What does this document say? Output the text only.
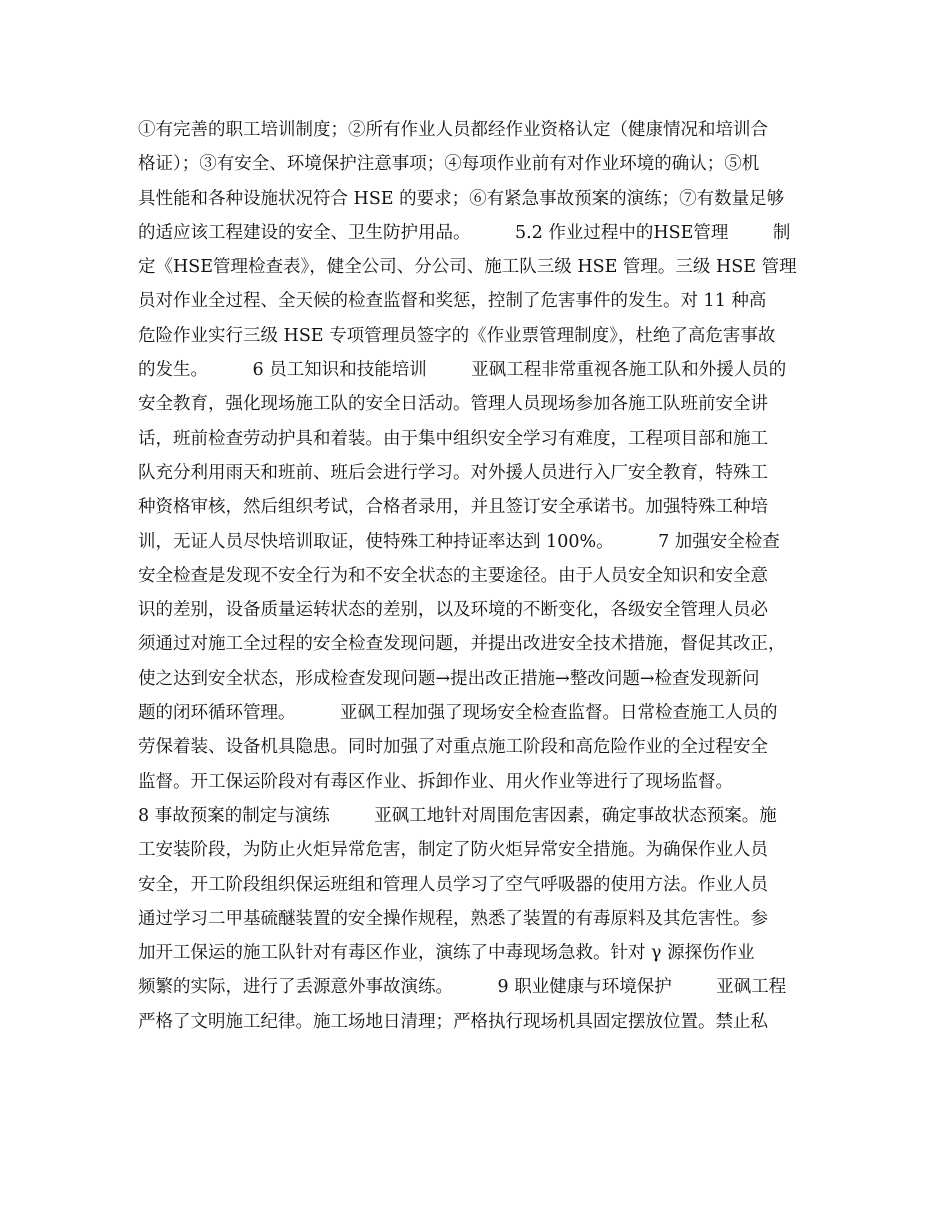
①有完善的职工培训制度；②所有作业人员都经作业资格认定（健康情况和培训合
格证）；③有安全、环境保护注意事项；④每项作业前有对作业环境的确认；⑤机
具性能和各种设施状况符合 HSE 的要求；⑥有紧急事故预案的演练；⑦有数量足够
的适应该工程建设的安全、卫生防护用品。        5.2 作业过程中的HSE管理        制
定《HSE管理检查表》，健全公司、分公司、施工队三级 HSE 管理。三级 HSE 管理
员对作业全过程、全天候的检查监督和奖惩，控制了危害事件的发生。对 11 种高
危险作业实行三级 HSE 专项管理员签字的《作业票管理制度》，杜绝了高危害事故
的发生。        6 员工知识和技能培训        亚砜工程非常重视各施工队和外援人员的
安全教育，强化现场施工队的安全日活动。管理人员现场参加各施工队班前安全讲
话，班前检查劳动护具和着装。由于集中组织安全学习有难度，工程项目部和施工
队充分利用雨天和班前、班后会进行学习。对外援人员进行入厂安全教育，特殊工
种资格审核，然后组织考试，合格者录用，并且签订安全承诺书。加强特殊工种培
训，无证人员尽快培训取证，使特殊工种持证率达到 100%。        7 加强安全检查
安全检查是发现不安全行为和不安全状态的主要途径。由于人员安全知识和安全意
识的差别，设备质量运转状态的差别，以及环境的不断变化，各级安全管理人员必
须通过对施工全过程的安全检查发现问题，并提出改进安全技术措施，督促其改正，
使之达到安全状态，形成检查发现问题→提出改正措施→整改问题→检查发现新问
题的闭环循环管理。        亚砜工程加强了现场安全检查监督。日常检查施工人员的
劳保着装、设备机具隐患。同时加强了对重点施工阶段和高危险作业的全过程安全
监督。开工保运阶段对有毒区作业、拆卸作业、用火作业等进行了现场监督。
8 事故预案的制定与演练        亚砜工地针对周围危害因素，确定事故状态预案。施
工安装阶段，为防止火炬异常危害，制定了防火炬异常安全措施。为确保作业人员
安全，开工阶段组织保运班组和管理人员学习了空气呼吸器的使用方法。作业人员
通过学习二甲基硫醚装置的安全操作规程，熟悉了装置的有毒原料及其危害性。参
加开工保运的施工队针对有毒区作业，演练了中毒现场急救。针对 γ 源探伤作业
频繁的实际，进行了丢源意外事故演练。        9 职业健康与环境保护        亚砜工程
严格了文明施工纪律。施工场地日清理；严格执行现场机具固定摆放位置。禁止私
